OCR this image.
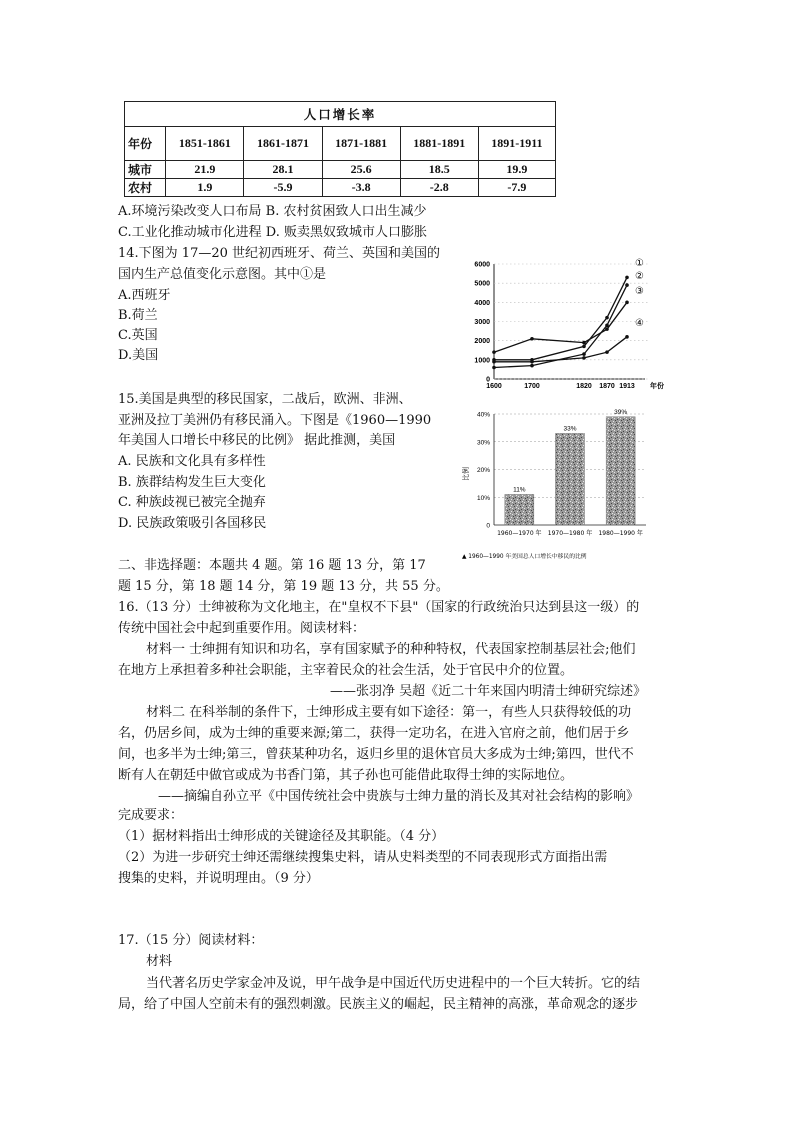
人口增长率					
年份	1851-1861	1861-1871	1871-1881	1881-1891	1891-1911
城市	21.9	28.1	25.6	18.5	19.9
农村	1.9	-5.9	-3.8	-2.8	-7.9
A.环境污染改变人口布局 B. 农村贫困致人口出生减少
C.工业化推动城市化进程 D. 贩卖黑奴致城市人口膨胀
14.下图为 17—20 世纪初西班牙、荷兰、英国和美国的
国内生产总值变化示意图。其中①是
A.西班牙
B.荷兰
C.英国
D.美国
0
1000
2000
3000
4000
5000
6000
1600	1700	1820 1870 1913 年份
①
②
③
④
15.美国是典型的移民国家，二战后，欧洲、非洲、
亚洲及拉丁美洲仍有移民涌入。下图是《1960—1990
年美国人口增长中移民的比例》 据此推测，美国
A. 民族和文化具有多样性
B. 族群结构发生巨大变化
C. 种族歧视已被完全抛弃
D. 民族政策吸引各国移民	0
10%
20%
30%
40%
比例
11%
1960—1970 年
33%
1970—1980 年
39%
1980—1990 年
▲ 1960—1990 年美国总人口增长中移民的比例
二、非选择题：本题共 4 题。第 16 题 13 分，第 17
题 15 分，第 18 题 14 分，第 19 题 13 分，共 55 分。
16.（13 分）士绅被称为文化地主，在"皇权不下县"（国家的行政统治只达到县这一级）的
传统中国社会中起到重要作用。阅读材料：
材料一 士绅拥有知识和功名，享有国家赋予的种种特权，代表国家控制基层社会;他们
在地方上承担着多种社会职能，主宰着民众的社会生活，处于官民中介的位置。
——张羽净 吴超《近二十年来国内明清士绅研究综述》
材料二 在科举制的条件下，士绅形成主要有如下途径：第一，有些人只获得较低的功
名，仍居乡间，成为士绅的重要来源;第二，获得一定功名，在进入官府之前，他们居于乡
间，也多半为士绅;第三，曾获某种功名，返归乡里的退休官员大多成为士绅;第四，世代不
断有人在朝廷中做官或成为书香门第，其子孙也可能借此取得士绅的实际地位。
——摘编自孙立平《中国传统社会中贵族与士绅力量的消长及其对社会结构的影响》
完成要求：
（1）据材料指出士绅形成的关键途径及其职能。（4 分）
（2）为进一步研究士绅还需继续搜集史料，请从史料类型的不同表现形式方面指出需
搜集的史料，并说明理由。（9 分）
17.（15 分）阅读材料：
材料
当代著名历史学家金冲及说，甲午战争是中国近代历史进程中的一个巨大转折。它的结
局，给了中国人空前未有的强烈刺激。民族主义的崛起，民主精神的高涨，革命观念的逐步
